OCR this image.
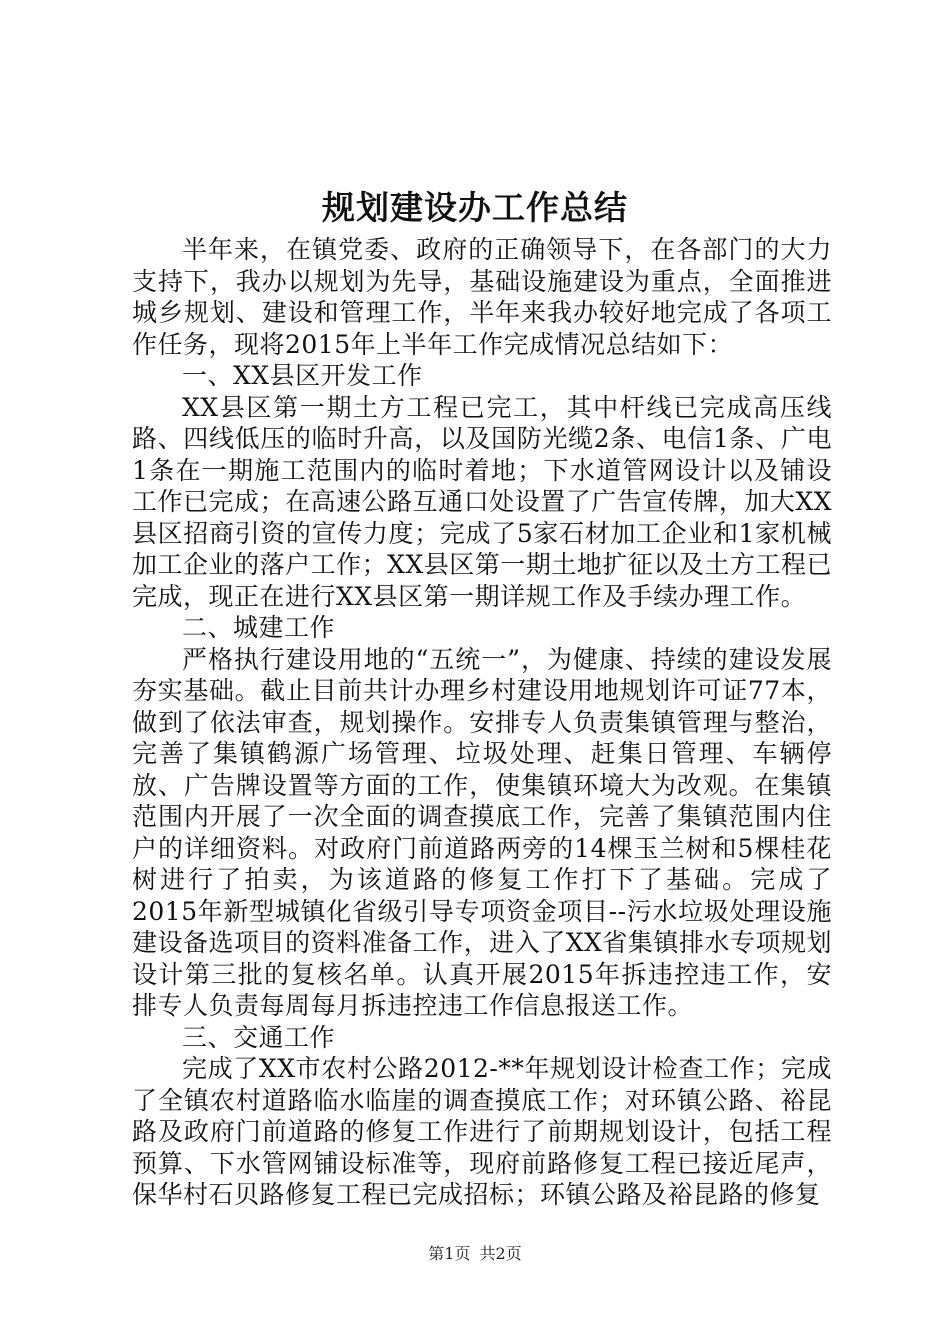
规划建设办工作总结

半年来，在镇党委、政府的正确领导下，在各部门的大力支持下，我办以规划为先导，基础设施建设为重点，全面推进城乡规划、建设和管理工作，半年来我办较好地完成了各项工作任务，现将2015年上半年工作完成情况总结如下：

一、XX县区开发工作

XX县区第一期土方工程已完工，其中杆线已完成高压线路、四线低压的临时升高，以及国防光缆2条、电信1条、广电1条在一期施工范围内的临时着地；下水道管网设计以及铺设工作已完成；在高速公路互通口处设置了广告宣传牌，加大XX县区招商引资的宣传力度；完成了5家石材加工企业和1家机械加工企业的落户工作；XX县区第一期土地扩征以及土方工程已完成，现正在进行XX县区第一期详规工作及手续办理工作。

二、城建工作

严格执行建设用地的“五统一”，为健康、持续的建设发展夯实基础。截止目前共计办理乡村建设用地规划许可证77本，做到了依法审查，规划操作。安排专人负责集镇管理与整治，完善了集镇鹤源广场管理、垃圾处理、赶集日管理、车辆停放、广告牌设置等方面的工作，使集镇环境大为改观。在集镇范围内开展了一次全面的调查摸底工作，完善了集镇范围内住户的详细资料。对政府门前道路两旁的14棵玉兰树和5棵桂花树进行了拍卖，为该道路的修复工作打下了基础。完成了2015年新型城镇化省级引导专项资金项目--污水垃圾处理设施建设备选项目的资料准备工作，进入了XX省集镇排水专项规划设计第三批的复核名单。认真开展2015年拆违控违工作，安排专人负责每周每月拆违控违工作信息报送工作。

三、交通工作

完成了XX市农村公路2012-**年规划设计检查工作；完成了全镇农村道路临水临崖的调查摸底工作；对环镇公路、裕昆路及政府门前道路的修复工作进行了前期规划设计，包括工程预算、下水管网铺设标准等，现府前路修复工程已接近尾声，保华村石贝路修复工程已完成招标；环镇公路及裕昆路的修复

第1页 共2页
